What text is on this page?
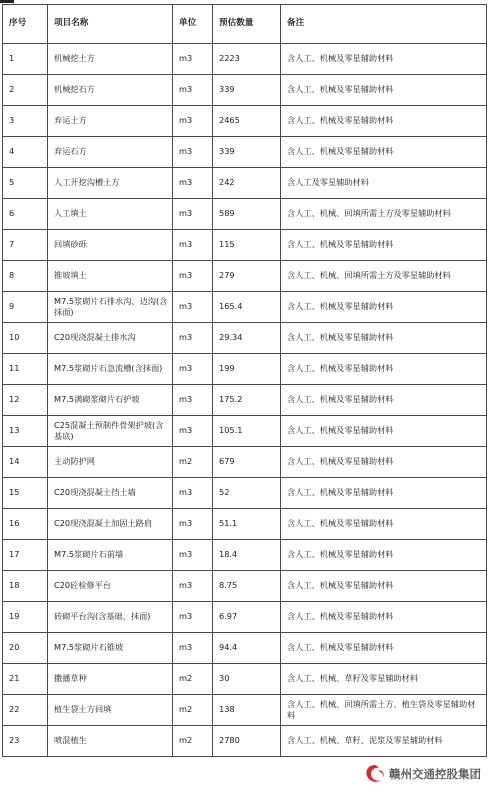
序号	项目名称	单位	预估数量	备注

1	机械挖土方	m3	2223	含人工、机械及零星辅助材料

2	机械挖石方	m3	339	含人工、机械及零星辅助材料

3	弃运土方	m3	2465	含人工、机械及零星辅助材料

4	弃运石方	m3	339	含人工、机械及零星辅助材料

5	人工开挖沟槽土方	m3	242	含人工及零星辅助材料

6	人工填土	m3	589	含人工、机械、回填所需土方及零星辅助材料

7	回填砂砾	m3	115	含人工、机械及零星辅助材料

8	锥坡填土	m3	279	含人工、机械、回填所需土方及零星辅助材料

9	M7.5浆砌片石排水沟、边沟(含抹面)	m3	165.4	含人工、机械及零星辅助材料

10	C20现浇混凝土排水沟	m3	29.34	含人工、机械及零星辅助材料

11	M7.5浆砌片石急流槽(含抹面)	m3	199	含人工、机械及零星辅助材料

12	M7.5满砌浆砌片石护坡	m3	175.2	含人工、机械及零星辅助材料

13	C25混凝土预制件骨架护坡(含基底)	m3	105.1	含人工、机械及零星辅助材料

14	主动防护网	m2	679	含人工、机械及零星辅助材料

15	C20现浇混凝土挡土墙	m3	52	含人工、机械及零星辅助材料

16	C20现浇混凝土加固土路肩	m3	51.1	含人工、机械及零星辅助材料

17	M7.5浆砌片石前墙	m3	18.4	含人工、机械及零星辅助材料

18	C20砼检修平台	m3	8.75	含人工、机械及零星辅助材料

19	砖砌平台沟(含基础、抹面)	m3	6.97	含人工、机械及零星辅助材料

20	M7.5浆砌片石锥坡	m3	94.4	含人工、机械及零星辅助材料

21	撒播草种	m2	30	含人工、机械、草籽及零星辅助材料

22	植生袋土方回填	m2	138	含人工、机械、回填所需土方、植生袋及零星辅助材料

23	喷混植生	m2	2780	含人工、机械、草籽、泥浆及零星辅助材料
赣州交通控股集团
